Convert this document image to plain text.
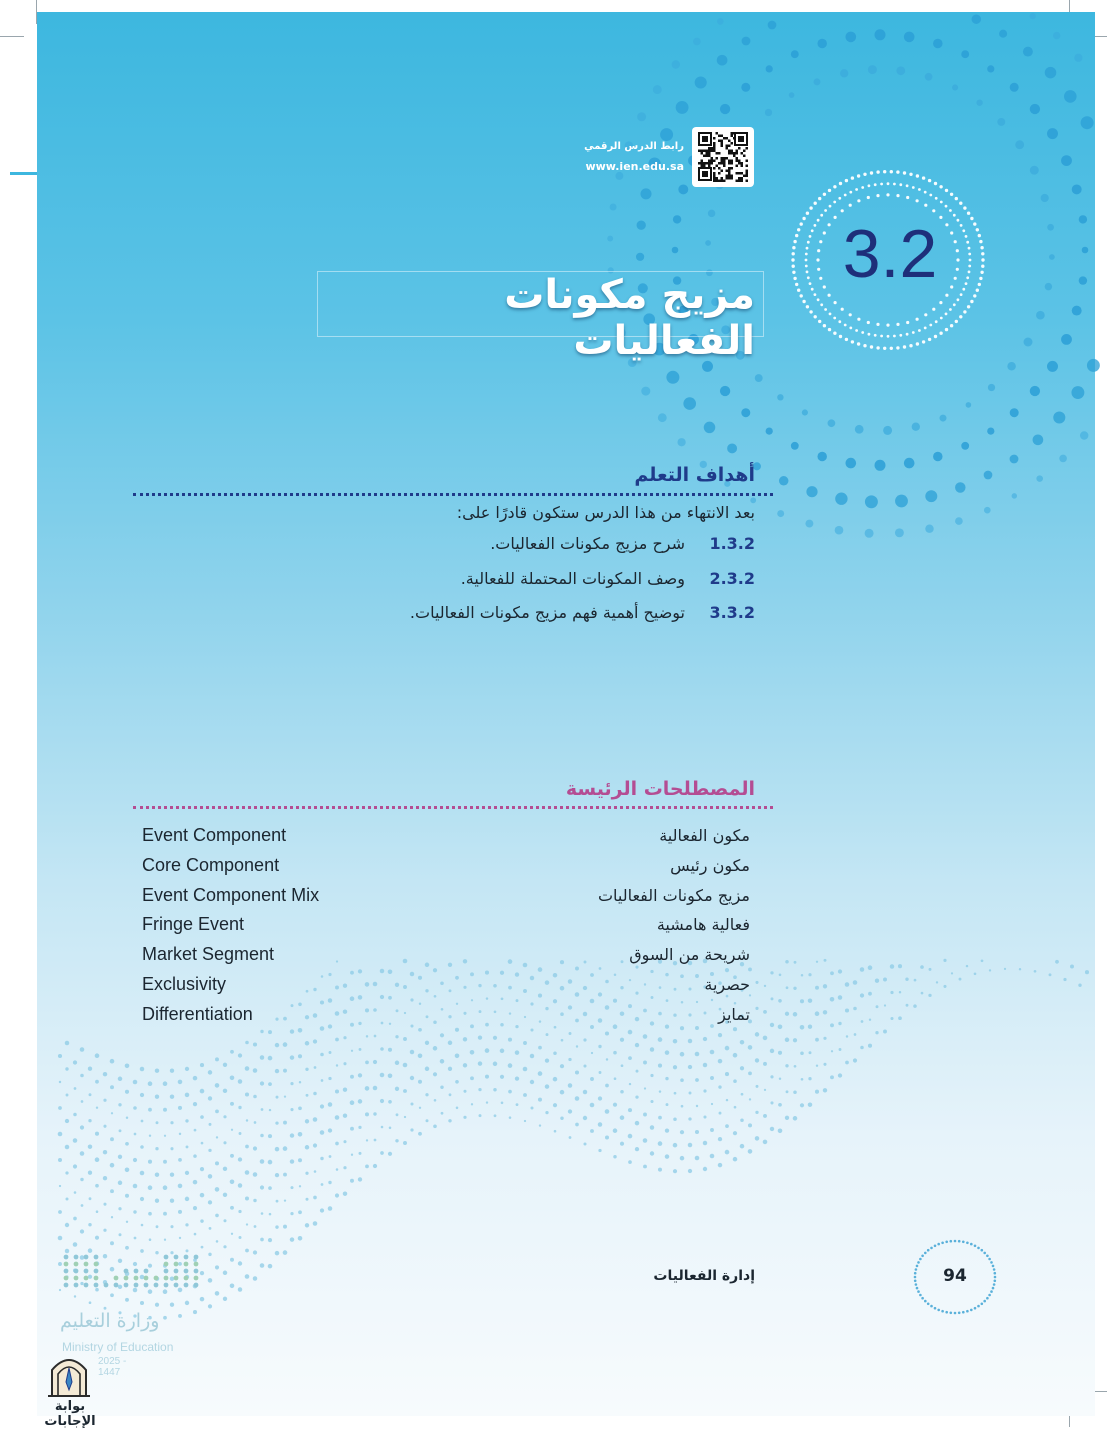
رابط الدرس الرقمي
www.ien.edu.sa
3.2
مزيج مكونات الفعاليات
أهداف التعلم
بعد الانتهاء من هذا الدرس ستكون قادرًا على:
1.3.2
شرح مزيج مكونات الفعاليات.
2.3.2
وصف المكونات المحتملة للفعالية.
3.3.2
توضيح أهمية فهم مزيج مكونات الفعاليات.
المصطلحات الرئيسة
Event Component	مكون الفعالية
Core Component	مكون رئيس
Event Component Mix	مزيج مكونات الفعاليات
Fringe Event	فعالية هامشية
Market Segment	شريحة من السوق
Exclusivity	حصرية
Differentiation	تمايز
إدارة الفعاليات	94
وزارة التعليم
Ministry of Education
2025 - 1447
بوابة الإجابات
